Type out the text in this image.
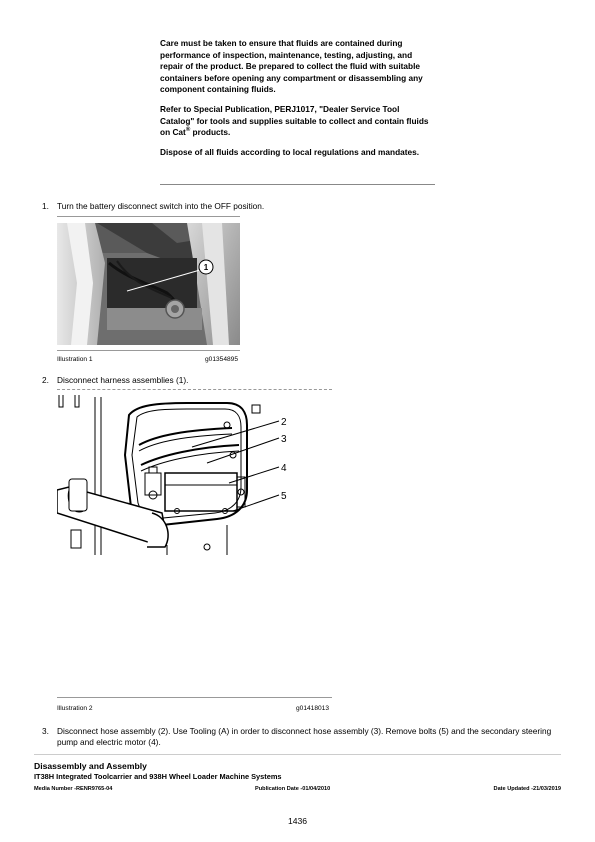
Care must be taken to ensure that fluids are contained during performance of inspection, maintenance, testing, adjusting, and repair of the product. Be prepared to collect the fluid with suitable containers before opening any compartment or disassembling any component containing fluids.

Refer to Special Publication, PERJ1017, "Dealer Service Tool Catalog" for tools and supplies suitable to collect and contain fluids on Cat® products.

Dispose of all fluids according to local regulations and mandates.

1. Turn the battery disconnect switch into the OFF position.
1
Illustration 1	g01354895
2. Disconnect harness assemblies (1).
2
3
4
5
Illustration 2	g01418013
3. Disconnect hose assembly (2). Use Tooling (A) in order to disconnect hose assembly (3). Remove bolts (5) and the secondary steering pump and electric motor (4).
Disassembly and Assembly
IT38H Integrated Toolcarrier and 938H Wheel Loader Machine Systems
Media Number -RENR9765-04	Publication Date -01/04/2010	Date Updated -21/03/2019
1436
